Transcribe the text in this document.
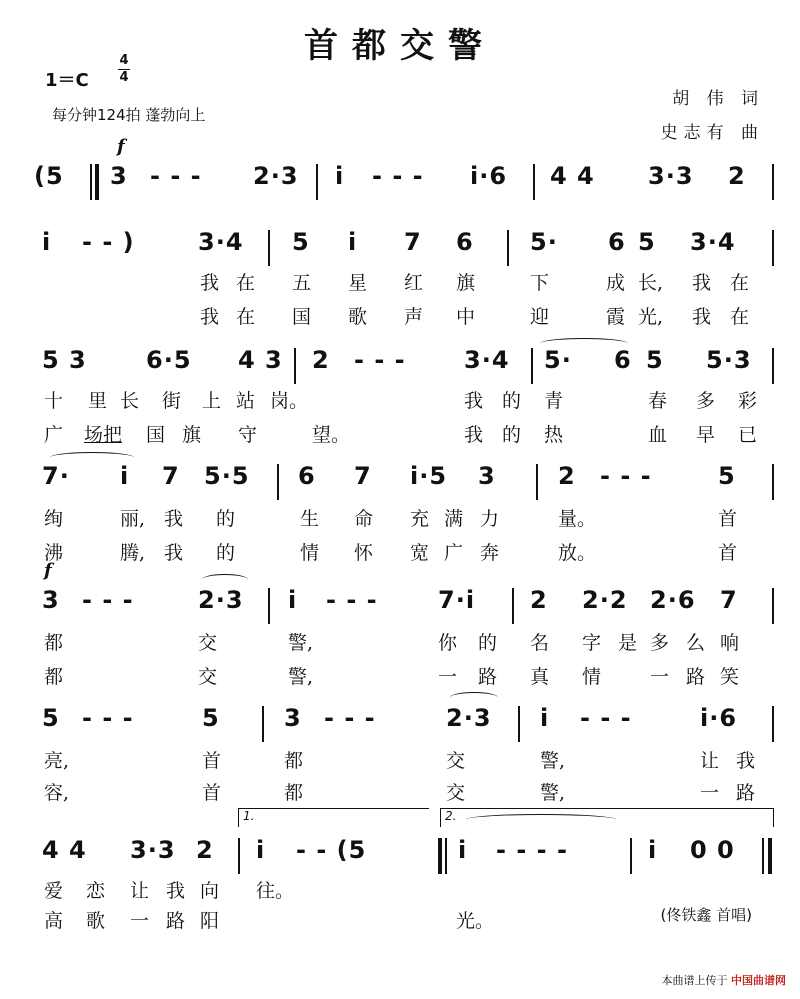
首都交警
1＝C
4
4
每分钟124拍 蓬勃向上
胡 伟 词
史志有 曲
f
(5 3 - - - 2·3 i - - - i·6 4 4 3·3 2
i - - )	3·4 5 i 7 6 5· 6 5 3·4
我 在 五 星 红 旗	下	成 长, 我 在
我 在 国 歌 声 中	迎	霞 光, 我 在
5 3 6·5 4 3 2 - - - 3·4 5· 6 5 5·3
十 里 长 街 上 站 岗。	我 的 青	春 多 彩
广 场把 国 旗 守	望。	我 的 热	血 早 已
7· i 7 5·5 6 7 i·5 3	2 - - -	5
绚	丽, 我 的	生 命 充 满 力	量。	首
沸	腾, 我 的	情 怀 宽 广 奔	放。	首
f
3 - - -	2·3 i - - -	7·i 2 2·2 2·6 7
都	交	警,	你 的 名 字 是 多 么 响
都	交	警,	一 路 真 情	一 路 笑
5 - - -	5	3 - - -	2·3 i - - -	i·6
亮,	首	都	交	警,	让 我
容,	首	都	交	警,	一 路
1.	2.
4 4 3·3 2 i - - (5	i - - - -	i 0 0
爱 恋 让 我 向 往。
高 歌 一 路 阳	光。	(佟铁鑫 首唱)
本曲谱上传于 中国曲谱网
